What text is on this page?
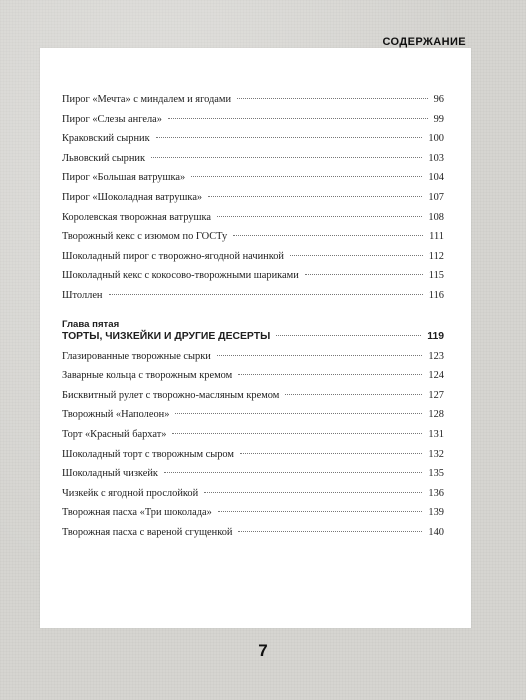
СОДЕРЖАНИЕ
Пирог «Мечта» с миндалем и ягодами	96
Пирог «Слезы ангела»	99
Краковский сырник	100
Львовский сырник	103
Пирог «Большая ватрушка»	104
Пирог «Шоколадная ватрушка»	107
Королевская творожная ватрушка	108
Творожный кекс с изюмом по ГОСТу	111
Шоколадный пирог с творожно-ягодной начинкой	112
Шоколадный кекс с кокосово-творожными шариками	115
Штоллен	116
Глава пятая
ТОРТЫ, ЧИЗКЕЙКИ И ДРУГИЕ ДЕСЕРТЫ	119
Глазированные творожные сырки	123
Заварные кольца с творожным кремом	124
Бисквитный рулет с творожно-масляным кремом	127
Творожный «Наполеон»	128
Торт «Красный бархат»	131
Шоколадный торт с творожным сыром	132
Шоколадный чизкейк	135
Чизкейк с ягодной прослойкой	136
Творожная пасха «Три шоколада»	139
Творожная пасха с вареной сгущенкой	140
7
